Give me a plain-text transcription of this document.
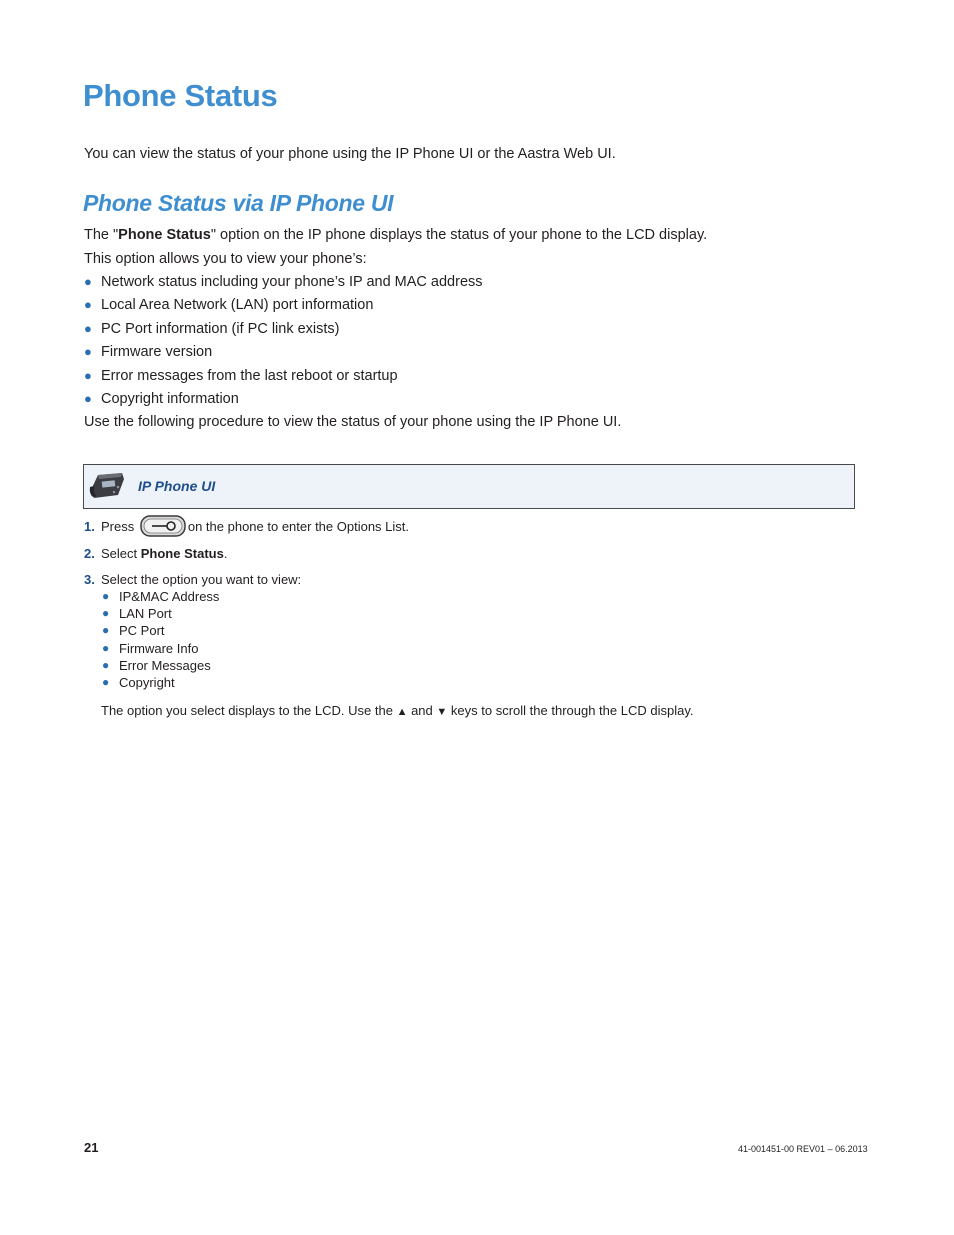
Phone Status

You can view the status of your phone using the IP Phone UI or the Aastra Web UI.

Phone Status via IP Phone UI

The "Phone Status" option on the IP phone displays the status of your phone to the LCD display.

This option allows you to view your phone’s:

● Network status including your phone’s IP and MAC address
● Local Area Network (LAN) port information
● PC Port information (if PC link exists)
● Firmware version
● Error messages from the last reboot or startup
● Copyright information

Use the following procedure to view the status of your phone using the IP Phone UI.

IP Phone UI
1. Press	on the phone to enter the Options List.
2. Select Phone Status.
3. Select the option you want to view:
● IP&MAC Address
● LAN Port
● PC Port
● Firmware Info
● Error Messages
● Copyright
The option you select displays to the LCD. Use the ▲ and ▼ keys to scroll the through the LCD display.
21	41-001451-00 REV01 – 06.2013
